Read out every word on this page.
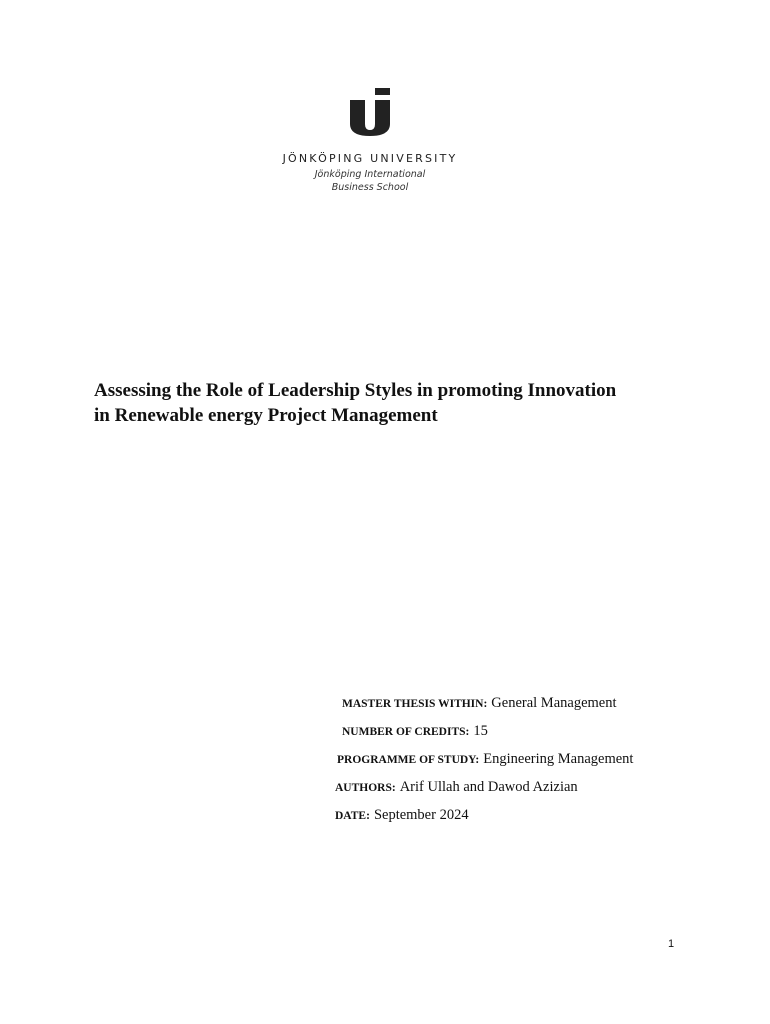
JÖNKÖPING UNIVERSITY
Jönköping International
Business School
Assessing the Role of Leadership Styles in promoting Innovation
in Renewable energy Project Management
MASTER THESIS WITHIN: General Management
NUMBER OF CREDITS: 15
PROGRAMME OF STUDY: Engineering Management
AUTHORS: Arif Ullah and Dawod Azizian
DATE: September 2024
1
